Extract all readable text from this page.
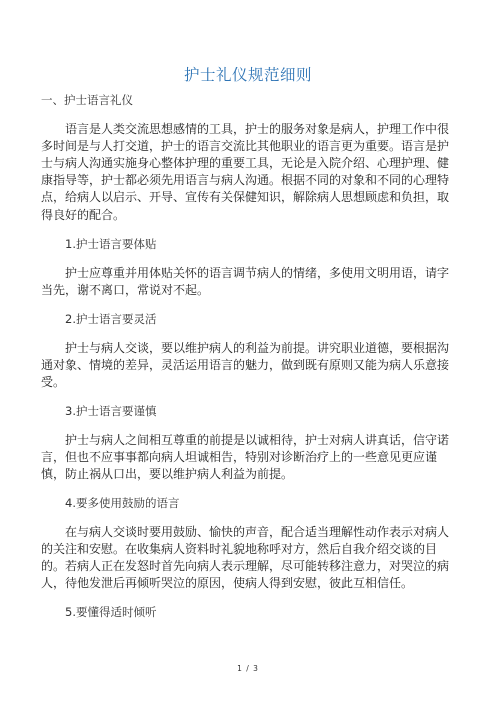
护士礼仪规范细则
一、护士语言礼仪
语言是人类交流思想感情的工具，护士的服务对象是病人，护理工作中很
多时间是与人打交道，护士的语言交流比其他职业的语言更为重要。语言是护
士与病人沟通实施身心整体护理的重要工具，无论是入院介绍、心理护理、健
康指导等，护士都必须先用语言与病人沟通。根据不同的对象和不同的心理特
点，给病人以启示、开导、宣传有关保健知识，解除病人思想顾虑和负担，取
得良好的配合。
1.护士语言要体贴
护士应尊重并用体贴关怀的语言调节病人的情绪，多使用文明用语，请字
当先，谢不离口，常说对不起。
2.护士语言要灵活
护士与病人交谈，要以维护病人的利益为前提。讲究职业道德，要根据沟
通对象、情境的差异，灵活运用语言的魅力，做到既有原则又能为病人乐意接
受。
3.护士语言要谨慎
护士与病人之间相互尊重的前提是以诚相待，护士对病人讲真话，信守诺
言，但也不应事事都向病人坦诚相告，特别对诊断治疗上的一些意见更应谨
慎，防止祸从口出，要以维护病人利益为前提。
4.要多使用鼓励的语言
在与病人交谈时要用鼓励、愉快的声音，配合适当理解性动作表示对病人
的关注和安慰。在收集病人资料时礼貌地称呼对方，然后自我介绍交谈的目
的。若病人正在发怒时首先向病人表示理解，尽可能转移注意力，对哭泣的病
人，待他发泄后再倾听哭泣的原因，使病人得到安慰，彼此互相信任。
5.要懂得适时倾听
1 / 3
